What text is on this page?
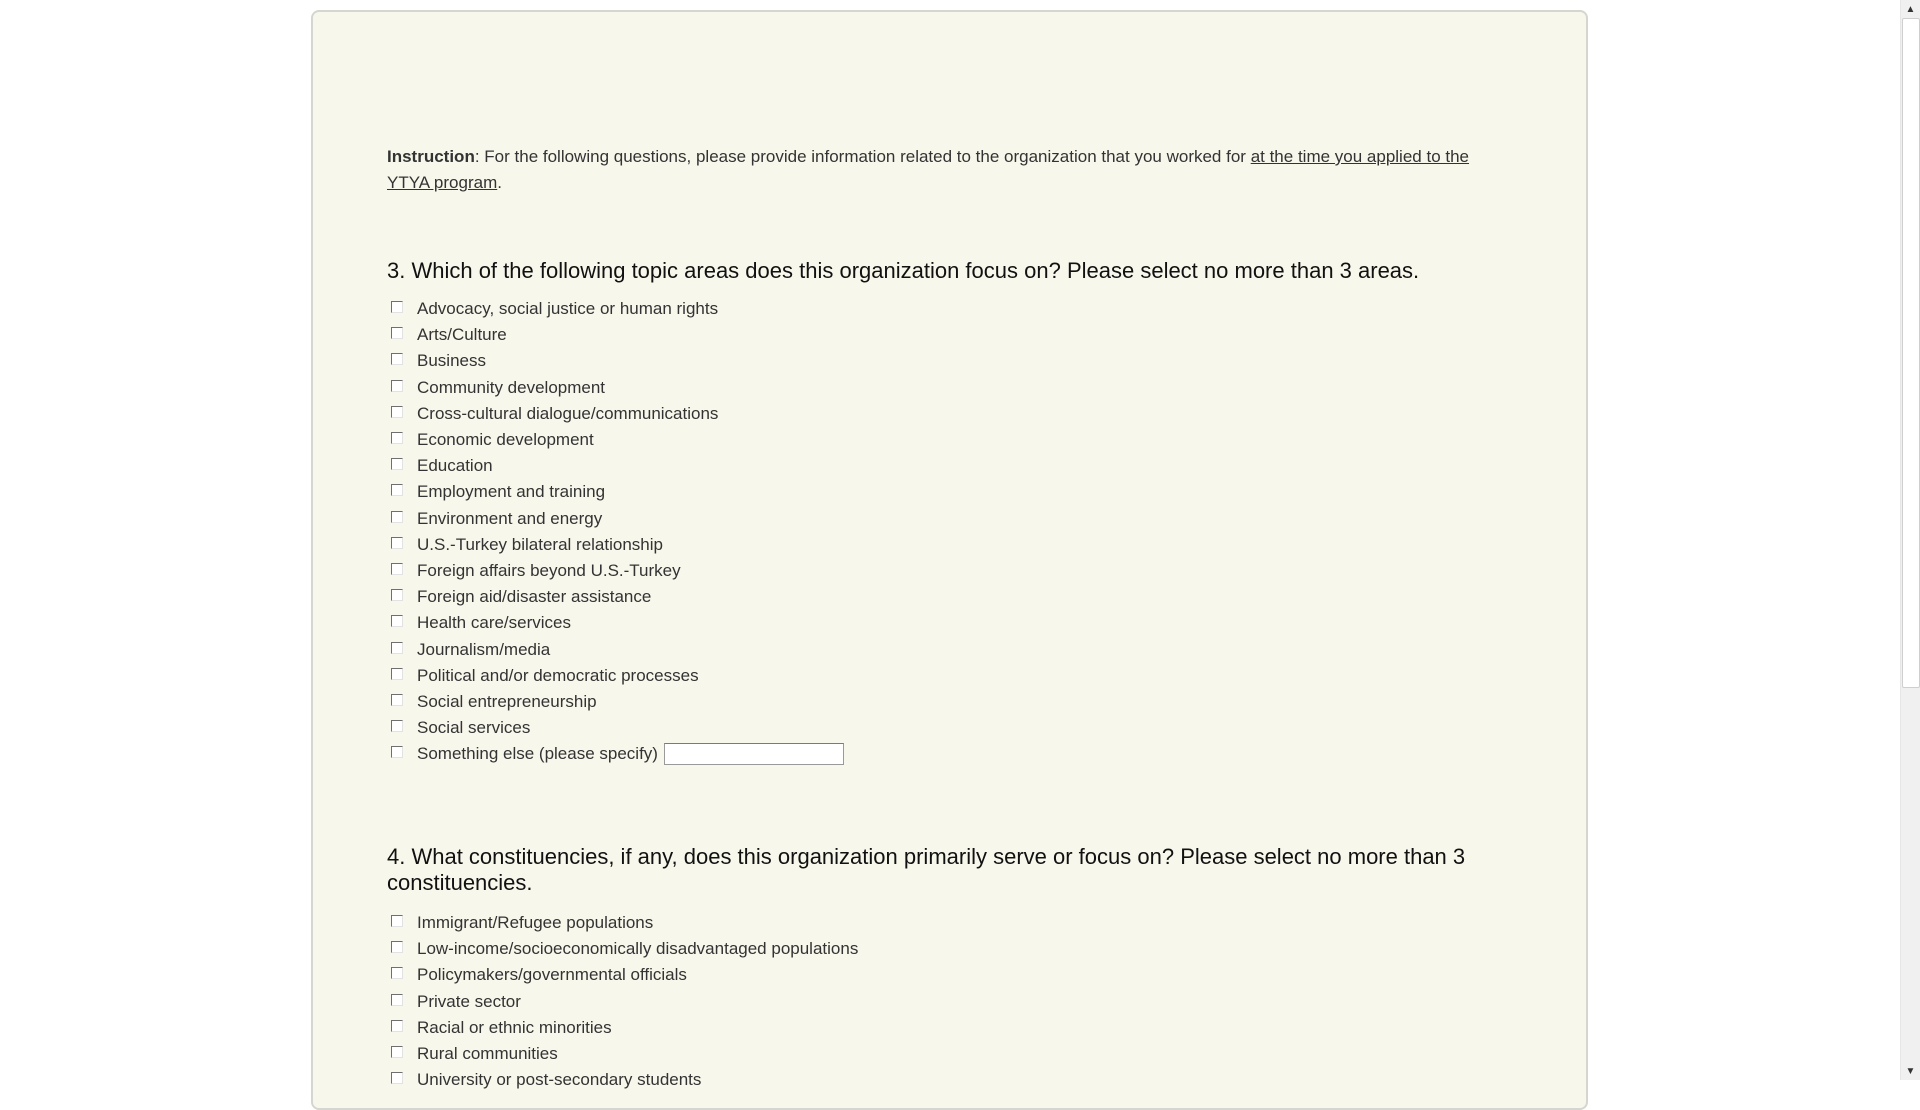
Instruction: For the following questions, please provide information related to the organization that you worked for at the time you applied to the YTYA program.
3. Which of the following topic areas does this organization focus on? Please select no more than 3 areas.
Advocacy, social justice or human rights
Arts/Culture
Business
Community development
Cross-cultural dialogue/communications
Economic development
Education
Employment and training
Environment and energy
U.S.-Turkey bilateral relationship
Foreign affairs beyond U.S.-Turkey
Foreign aid/disaster assistance
Health care/services
Journalism/media
Political and/or democratic processes
Social entrepreneurship
Social services
Something else (please specify)
4. What constituencies, if any, does this organization primarily serve or focus on? Please select no more than 3 constituencies.
Immigrant/Refugee populations
Low-income/socioeconomically disadvantaged populations
Policymakers/governmental officials
Private sector
Racial or ethnic minorities
Rural communities
University or post-secondary students
▲
▼
